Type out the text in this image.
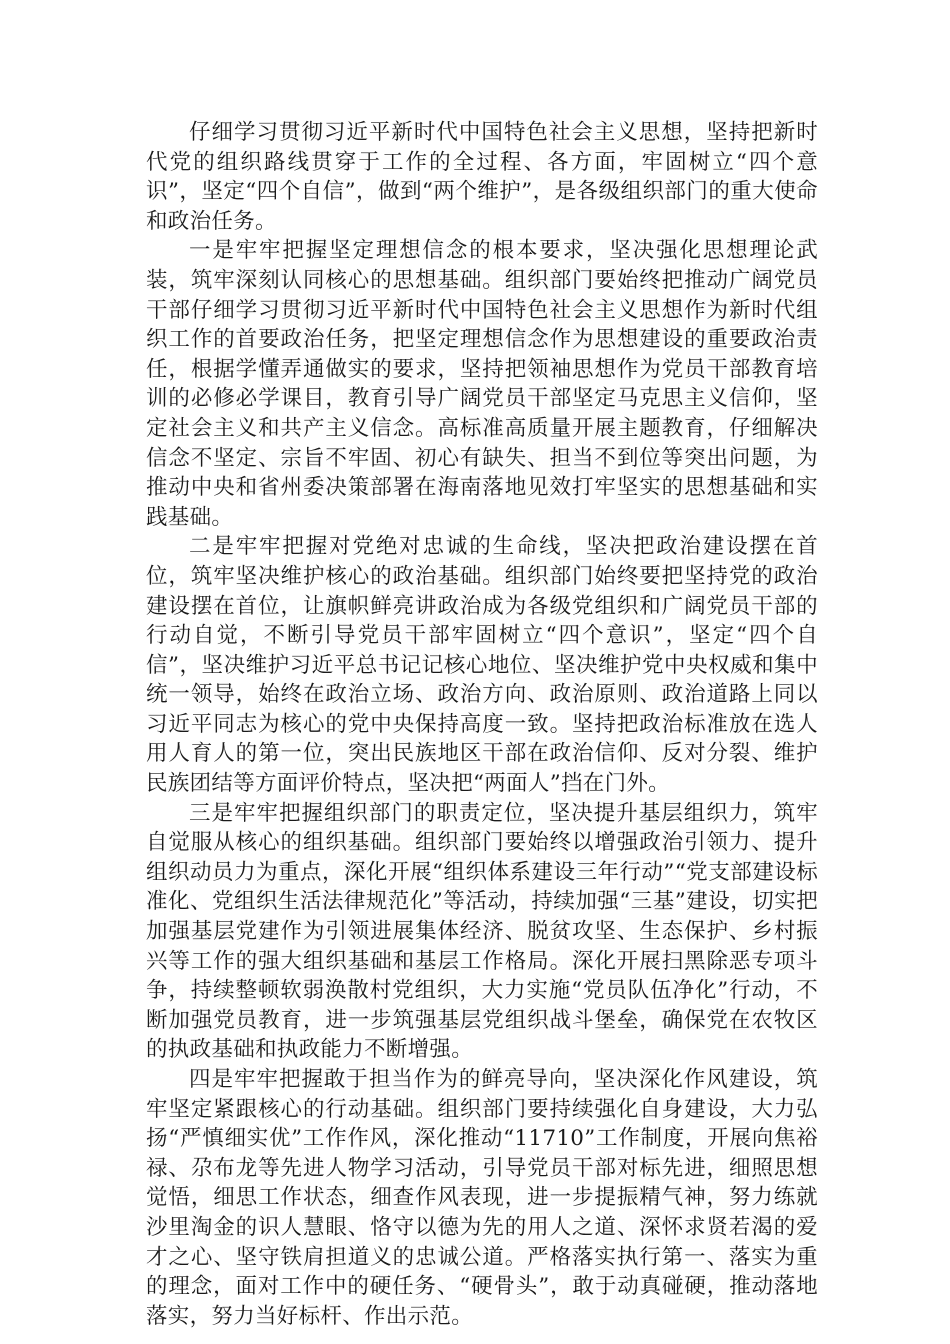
仔细学习贯彻习近平新时代中国特色社会主义思想，坚持把新时代党的组织路线贯穿于工作的全过程、各方面，牢固树立“四个意识”，坚定“四个自信”，做到“两个维护”，是各级组织部门的重大使命和政治任务。

一是牢牢把握坚定理想信念的根本要求，坚决强化思想理论武装，筑牢深刻认同核心的思想基础。组织部门要始终把推动广阔党员干部仔细学习贯彻习近平新时代中国特色社会主义思想作为新时代组织工作的首要政治任务，把坚定理想信念作为思想建设的重要政治责任，根据学懂弄通做实的要求，坚持把领袖思想作为党员干部教育培训的必修必学课目，教育引导广阔党员干部坚定马克思主义信仰，坚定社会主义和共产主义信念。高标准高质量开展主题教育，仔细解决信念不坚定、宗旨不牢固、初心有缺失、担当不到位等突出问题，为推动中央和省州委决策部署在海南落地见效打牢坚实的思想基础和实践基础。

二是牢牢把握对党绝对忠诚的生命线，坚决把政治建设摆在首位，筑牢坚决维护核心的政治基础。组织部门始终要把坚持党的政治建设摆在首位，让旗帜鲜亮讲政治成为各级党组织和广阔党员干部的行动自觉，不断引导党员干部牢固树立“四个意识”，坚定“四个自信”，坚决维护习近平总书记记核心地位、坚决维护党中央权威和集中统一领导，始终在政治立场、政治方向、政治原则、政治道路上同以习近平同志为核心的党中央保持高度一致。坚持把政治标准放在选人用人育人的第一位，突出民族地区干部在政治信仰、反对分裂、维护民族团结等方面评价特点，坚决把“两面人”挡在门外。

三是牢牢把握组织部门的职责定位，坚决提升基层组织力，筑牢自觉服从核心的组织基础。组织部门要始终以增强政治引领力、提升组织动员力为重点，深化开展“组织体系建设三年行动”“党支部建设标准化、党组织生活法律规范化”等活动，持续加强“三基”建设，切实把加强基层党建作为引领进展集体经济、脱贫攻坚、生态保护、乡村振兴等工作的强大组织基础和基层工作格局。深化开展扫黑除恶专项斗争，持续整顿软弱涣散村党组织，大力实施“党员队伍净化”行动，不断加强党员教育，进一步筑强基层党组织战斗堡垒，确保党在农牧区的执政基础和执政能力不断增强。

四是牢牢把握敢于担当作为的鲜亮导向，坚决深化作风建设，筑牢坚定紧跟核心的行动基础。组织部门要持续强化自身建设，大力弘扬“严慎细实优”工作作风，深化推动“11710”工作制度，开展向焦裕禄、尕布龙等先进人物学习活动，引导党员干部对标先进，细照思想觉悟，细思工作状态，细查作风表现，进一步提振精气神，努力练就沙里淘金的识人慧眼、恪守以德为先的用人之道、深怀求贤若渴的爱才之心、坚守铁肩担道义的忠诚公道。严格落实执行第一、落实为重的理念，面对工作中的硬任务、“硬骨头”，敢于动真碰硬，推动落地落实，努力当好标杆、作出示范。
